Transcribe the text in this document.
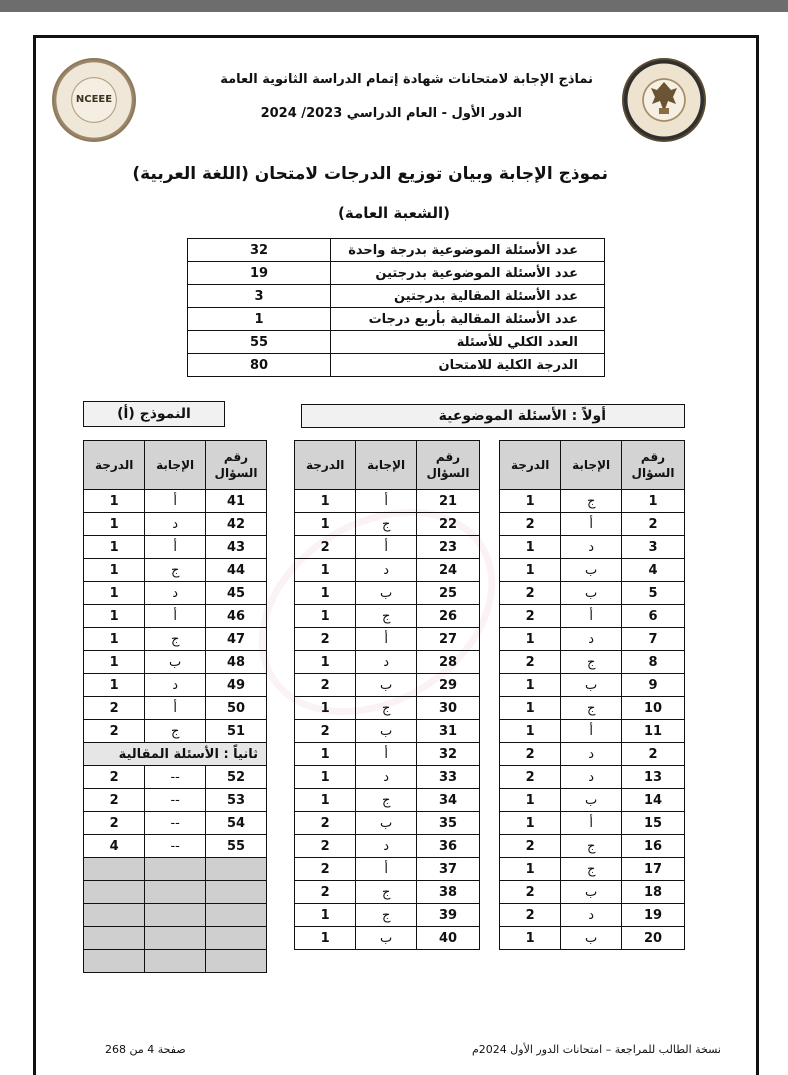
NCEEE
نماذج الإجابة لامتحانات شهادة إتمام الدراسة الثانوية العامة
الدور الأول - العام الدراسي 2023/ 2024
نموذج الإجابة وبيان توزيع الدرجات لامتحان (اللغة العربية)
(الشعبة العامة)
32	عدد الأسئلة الموضوعية بدرجة واحدة
19	عدد الأسئلة الموضوعية بدرجتين
3	عدد الأسئلة المقالية بدرجتين
1	عدد الأسئلة المقالية بأربع درجات
55	العدد الكلي للأسئلة
80	الدرجة الكلية للامتحان
النموذج (أ)	أولاً : الأسئلة الموضوعية
الدرجة	الإجابة	رقم السؤال
1	ج	1
2	أ	2
1	د	3
1	ب	4
2	ب	5
2	أ	6
1	د	7
2	ج	8
1	ب	9
1	ج	10
1	أ	11
2	د	2
2	د	13
1	ب	14
1	أ	15
2	ج	16
1	ج	17
2	ب	18
2	د	19
1	ب	20
الدرجة	الإجابة	رقم السؤال
1	أ	21
1	ج	22
2	أ	23
1	د	24
1	ب	25
1	ج	26
2	أ	27
1	د	28
2	ب	29
1	ج	30
2	ب	31
1	أ	32
1	د	33
1	ج	34
2	ب	35
2	د	36
2	أ	37
2	ج	38
1	ج	39
1	ب	40
الدرجة	الإجابة	رقم السؤال
1	أ	41
1	د	42
1	أ	43
1	ج	44
1	د	45
1	أ	46
1	ج	47
1	ب	48
1	د	49
2	أ	50
2	ج	51
ثانياً : الأسئلة المقالية		
2	--	52
2	--	53
2	--	54
4	--	55

نسخة الطالب للمراجعة – امتحانات الدور الأول 2024م
صفحة 4 من 268
